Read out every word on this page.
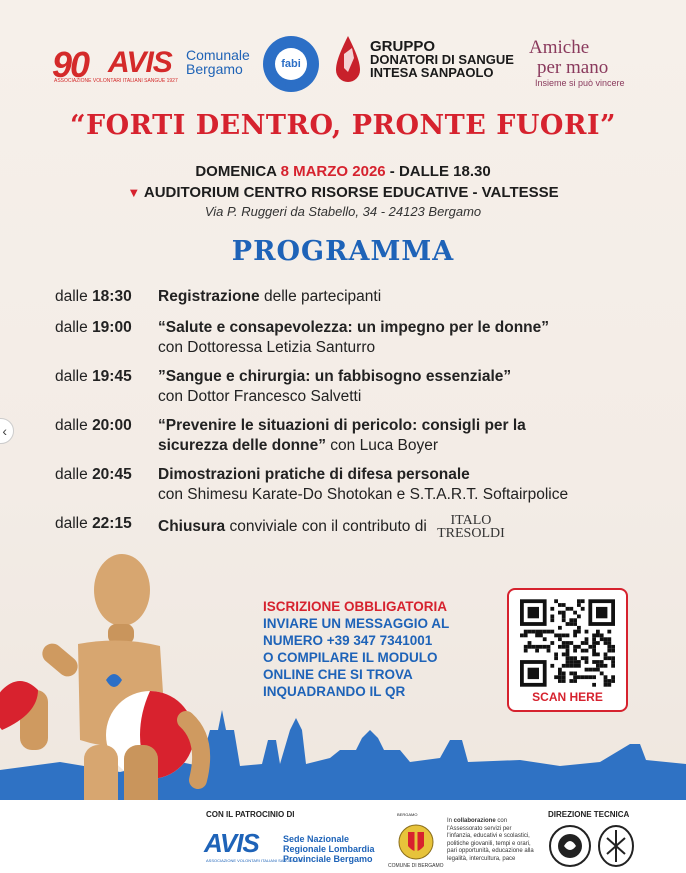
90 AVIS
ASSOCIAZIONE VOLONTARI ITALIANI SANGUE 1927
Comunale
Bergamo	fabi
GRUPPO
DONATORI DI SANGUE
INTESA SANPAOLO
Amiche
per mano
Insieme si può vincere
“FORTI DENTRO, PRONTE FUORI”
DOMENICA 8 MARZO 2026 - DALLE 18.30
▼ AUDITORIUM CENTRO RISORSE EDUCATIVE - VALTESSE
Via P. Ruggeri da Stabello, 34 - 24123 Bergamo
PROGRAMMA
dalle 18:30	Registrazione delle partecipanti
dalle 19:00	“Salute e consapevolezza: un impegno per le donne”
con Dottoressa Letizia Santurro
dalle 19:45	”Sangue e chirurgia: un fabbisogno essenziale”
con Dottor Francesco Salvetti
dalle 20:00	“Prevenire le situazioni di pericolo: consigli per la
sicurezza delle donne” con Luca Boyer
dalle 20:45	Dimostrazioni pratiche di difesa personale
con Shimesu Karate-Do Shotokan e S.T.A.R.T. Softairpolice
dalle 22:15	Chiusura conviviale con il contributo di ITALO
TRESOLDI
ISCRIZIONE OBBLIGATORIA
INVIARE UN MESSAGGIO AL
NUMERO +39 347 7341001
O COMPILARE IL MODULO
ONLINE CHE SI TROVA
INQUADRANDO IL QR	SCAN HERE
CON IL PATROCINIO DI
AVIS
ASSOCIAZIONE VOLONTARI ITALIANI SANGUE 1927
Sede Nazionale
Regionale Lombardia
Provinciale Bergamo
BERGAMO
COMUNE DI BERGAMO
In collaborazione con l'Assessorato servizi per l'infanzia, educativi e scolastici, politiche giovanili, tempi e orari, pari opportunità, educazione alla legalità, intercultura, pace
DIREZIONE TECNICA
‹
